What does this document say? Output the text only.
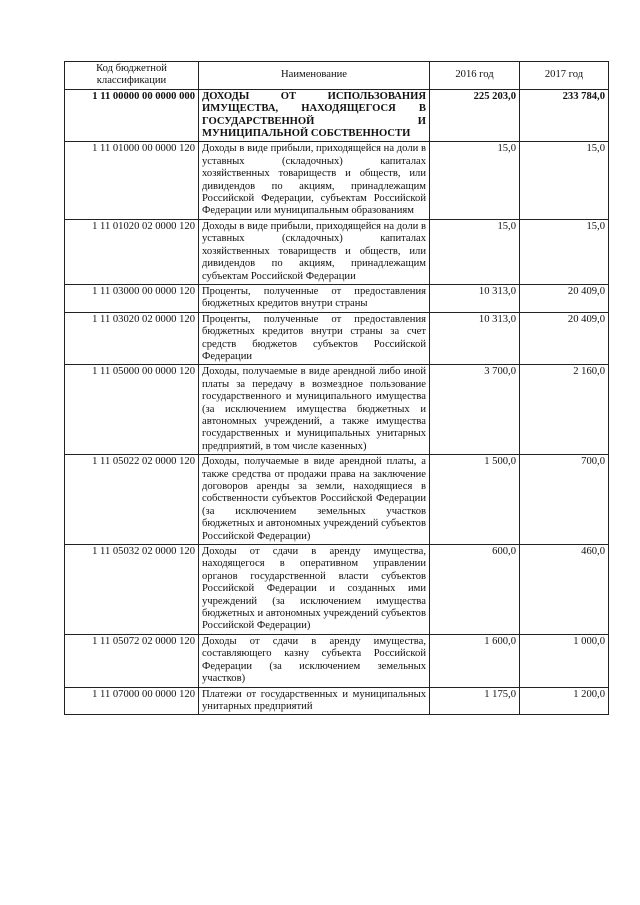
Код бюджетной классификации	Наименование	2016 год	2017 год
1 11 00000 00 0000 000	ДОХОДЫ ОТ ИСПОЛЬЗОВАНИЯ ИМУЩЕСТВА, НАХОДЯЩЕГОСЯ В ГОСУДАРСТВЕННОЙ И МУНИЦИПАЛЬНОЙ СОБСТВЕННОСТИ	225 203,0	233 784,0
1 11 01000 00 0000 120	Доходы в виде прибыли, приходящейся на доли в уставных (складочных) капиталах хозяйственных товариществ и обществ, или дивидендов по акциям, принадлежащим Российской Федерации, субъектам Российской Федерации или муниципальным образованиям	15,0	15,0
1 11 01020 02 0000 120	Доходы в виде прибыли, приходящейся на доли в уставных (складочных) капиталах хозяйственных товариществ и обществ, или дивидендов по акциям, принадлежащим субъектам Российской Федерации	15,0	15,0
1 11 03000 00 0000 120	Проценты, полученные от предоставления бюджетных кредитов внутри страны	10 313,0	20 409,0
1 11 03020 02 0000 120	Проценты, полученные от предоставления бюджетных кредитов внутри страны за счет средств бюджетов субъектов Российской Федерации	10 313,0	20 409,0
1 11 05000 00 0000 120	Доходы, получаемые в виде арендной либо иной платы за передачу в возмездное пользование государственного и муниципального имущества (за исключением имущества бюджетных и автономных учреждений, а также имущества государственных и муниципальных унитарных предприятий, в том числе казенных)	3 700,0	2 160,0
1 11 05022 02 0000 120	Доходы, получаемые в виде арендной платы, а также средства от продажи права на заключение договоров аренды за земли, находящиеся в собственности субъектов Российской Федерации (за исключением земельных участков бюджетных и автономных учреждений субъектов Российской Федерации)	1 500,0	700,0
1 11 05032 02 0000 120	Доходы от сдачи в аренду имущества, находящегося в оперативном управлении органов государственной власти субъектов Российской Федерации и созданных ими учреждений (за исключением имущества бюджетных и автономных учреждений субъектов Российской Федерации)	600,0	460,0
1 11 05072 02 0000 120	Доходы от сдачи в аренду имущества, составляющего казну субъекта Российской Федерации (за исключением земельных участков)	1 600,0	1 000,0
1 11 07000 00 0000 120	Платежи от государственных и муниципальных унитарных предприятий	1 175,0	1 200,0
